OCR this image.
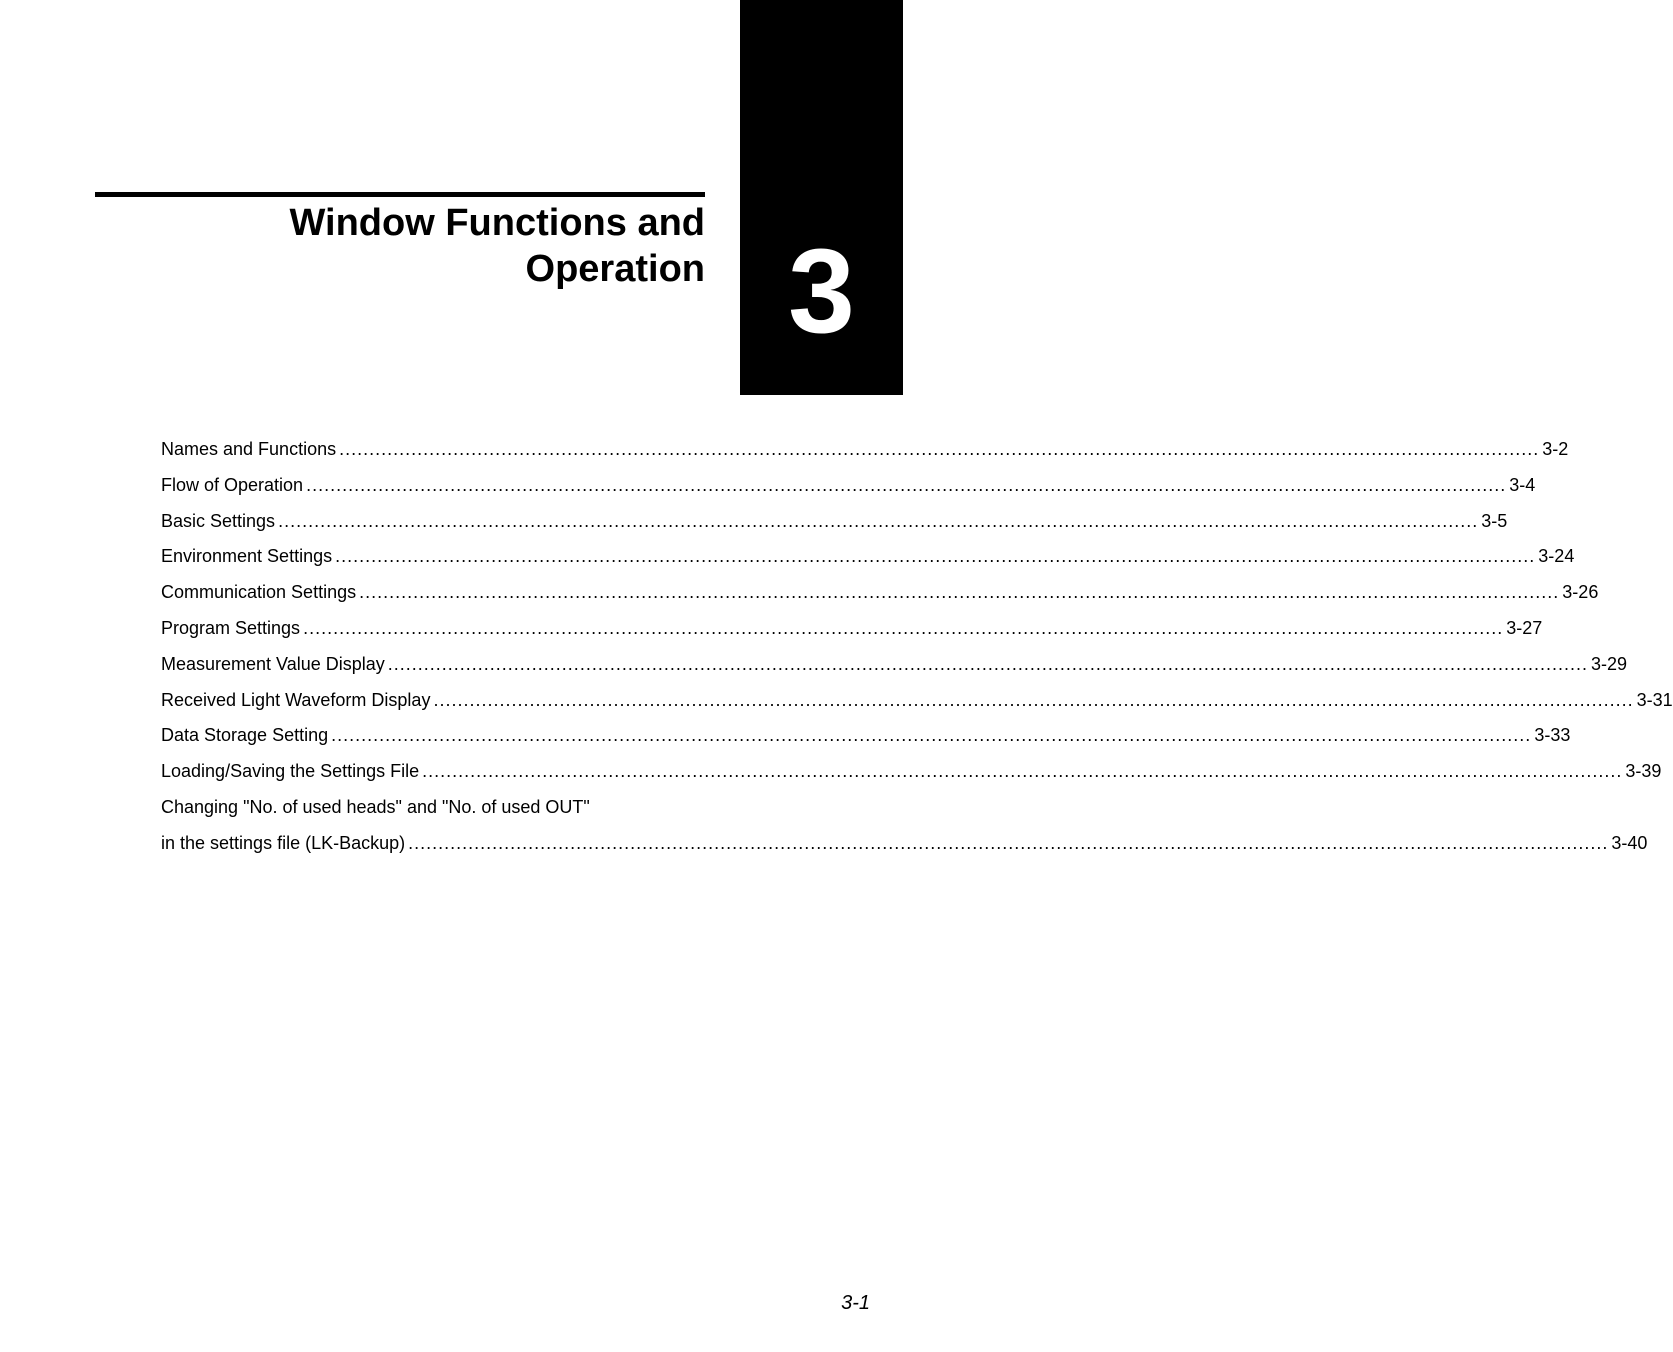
3
Window Functions and
Operation
Names and Functions ........................................................................................................................................................................................................ 3-2
Flow of Operation ........................................................................................................................................................................................................ 3-4
Basic Settings ........................................................................................................................................................................................................ 3-5
Environment Settings ........................................................................................................................................................................................................ 3-24
Communication Settings ........................................................................................................................................................................................................ 3-26
Program Settings ........................................................................................................................................................................................................ 3-27
Measurement Value Display ........................................................................................................................................................................................................ 3-29
Received Light Waveform Display ........................................................................................................................................................................................................ 3-31
Data Storage Setting ........................................................................................................................................................................................................ 3-33
Loading/Saving the Settings File ........................................................................................................................................................................................................ 3-39
Changing "No. of used heads" and "No. of used OUT"
in the settings file (LK-Backup) ........................................................................................................................................................................................................ 3-40
3-1
